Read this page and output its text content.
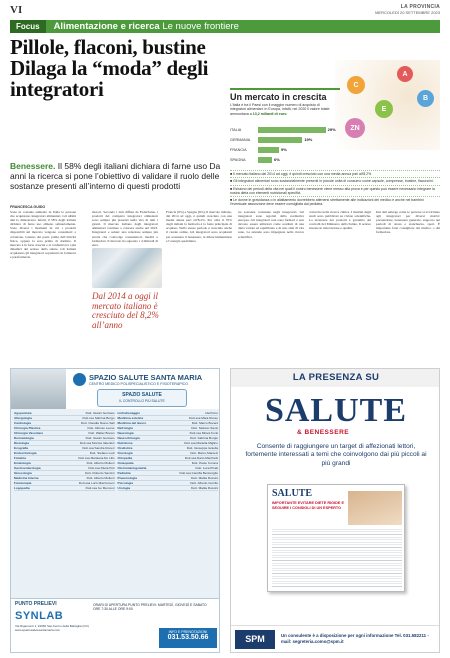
VI	LA PROVINCIA
MERCOLEDÌ 20 SETTEMBRE 2023
Focus	Alimentazione e ricerca Le nuove frontiere
Pillole, flaconi, bustine Dilaga la “moda” degli integratori

Benessere. Il 58% degli italiani dichiara di farne uso Da anni la ricerca si pone l’obiettivo di validare il ruolo delle sostanze presenti all’interno di questi prodotti

FRANCESCA GUIDO

Sono in costante aumento in Italia le persone che acquistano integratori alimentari. Gli ultimi dati lo dimostrano: infatti, il 58% degli italiani dichiara di farne uso almeno saltuariamente. Sono diversi i momenti in cui i prodotti disponibili sul mercato vengono consumati: a colazione, lontano dai pasti, prima dell’attività fisica, oppure la sera prima di dormire. Il mercato è in forte crescita e si conferma tra i più dinamici del settore della salute. Gli italiani acquistano gli integratori soprattutto in farmacia e parafarmacia.

motori. Secondo i dati diffusi da FederSalus, i prodotti del comparto integratori alimentari sono sempre più presenti nella vita di tutti i giorni. Il mercato italiano degli integratori alimentari continua a crescere anche nel 2023. Integratori e salute: una relazione sempre più stretta che coinvolge consumatori, medici e farmacisti. Il mercato ha superato i 4 miliardi di euro.

Francia (9%) e Spagna (6%). Il mercato italiano, dal 2014 ad oggi, è quindi cresciuto con una media annua pari all’8,2%. Per oltre il 70% degli italiani la farmacia è la fonte principale di acquisto. Nello stesso periodo è cresciuto anche il canale online. Gli integratori sono acquistati per sostenere il benessere, le difese immunitarie e l’energia quotidiana.

tre sostanze contenute negli integratori. Gli integratori sono regolati dalla normativa europea. Gli integratori non sono farmaci e non devono essere utilizzati come sostituti di una dieta variata ed equilibrata e di uno stile di vita sano. Le aziende sono impegnate nella ricerca scientifica.

coinvolte nella ricerca clinica. I risultati degli studi sono pubblicati su riviste scientifiche. La sicurezza dei prodotti è garantita dai controlli del Ministero della Salute. Il settore investe in innovazione e qualità.

Dai dati emerge come le persone si avvicinino agli integratori per diversi motivi: prevenzione, benessere generale, supporto nei periodi di stress e stanchezza, sport. È importante farsi consigliare dal medico o dal farmacista.

Dal 2014 a oggi il mercato italiano è cresciuto del 8,2% all’anno

A
C
B
E
ZN
Un mercato in crescita

L’Italia è tra il Paesi con il maggior numero di acquisto di integratori alimentari: in Europa, infatti, nel 2020 il valore totale ammontava a 13,2 miliardi di euro

ITALIA	29%
GERMANIA	19%
FRANCIA	9%
SPAGNA	6%

■ Il mercato italiano dal 2014 ad oggi, è quindi cresciuto con una media annua pari all’8,2%

■ Gli integratori alimentari sono sostanzialmente presenti in piccole unità di consumo come capsule, compresse, bustine, flaconcini.

■ Esistono dei periodi della vita nei quali il nostro benessere viene messo alla prova e per questo può essere necessario integrare la nostra dieta con elementi nutrizionali specifici.

■ Le donne in gravidanza o in allattamento dovrebbero attenersi strettamente alle indicazioni del medico e anche nei bambini l’eventuale assunzione deve essere consigliata dal pediatra.

SPAZIO SALUTE SANTA MARIA
CENTRO MEDICO POLISPECIALISTICO E FISIOTERAPICO
SPAZIO SALUTE
IL CONTROLLO PIÙ SALUTE
Agopuntura	Dott. Gianni Gertosio
Allergologia	Dott.ssa Sabrina Borgo
Cardiologia	Dott. Claudia Nosso Sali
Chirurgia Plastica	Dott. Alfonso Leone
Chirurgia Vascolare	Dott. Walter Bonan
Dermatologia	Dott. Gianni Gertosio
Dietologia	Dott.ssa Monica Valentini
Ecografia	Dott.ssa Sandra Roneri
Endocrinologia	Dott. Stefano Lodi
Fisiatria	Dott.ssa Mariaosa De Lillo
Ematologia	Dott. Alberto Molteni
Gastroenterologia	Dott.ssa Paola Poli
Ginecologia	Dott. Roberto Sancini
Medicina Interna	Dott. Alberto Molteni
Fisioterapia	Dott.ssa Loris Mazzemeni
Logopedia	Dott.ssa Ivo Menconi
Linfodrenaggio	Ida Porro
Medicina estetica	Dott.ssa Mara Rosso
Medicina del lavoro	Dott. Marco Bocani
Nefrologia	Dott. Stefano Sansi
Neurologia	Dott.ssa Mirani Fonti
Neurochirurgia	Dott. Sabrina Borgio
Nutrizione	Dott.ssa Mariella Miglino
Oculistica	Dott. Giuseppe Ianiella
Oncologia	Dott. Marco Mantezi
Ortopedia	Dott.ssa Dario Marchetti
Osteopatia	Dott. Paolo Corona
Otorinolaringoiatria	Dott. Luca Pisati
Pediatria	Dott.ssa Camilla Bentivoglio
Pneumologia	Dott. Mattia Rossini
Psicologia	Dott. Alfredo Cerrillo
Urologia	Dott. Mattia Rossini
PUNTO PRELIEVI
SYNLAB
Via Rigamonti 1, 22060 San Fermo della Battaglia (CO) www.spaziosalutesantamaria.com
ORARI DI APERTURA PUNTO PRELIEVI: MARTEDÌ, GIOVEDÌ E SABATO ORE 7:30 ALLE ORE 9:00
INFO E PRENOTAZIONI
031.53.50.66
LA PRESENZA SU
SALUTE
& BENESSERE

Consente di raggiungere un target di affezionati lettori, fortemente interessati a temi che coinvolgono dai più piccoli ai più grandi

SALUTE
IMPORTANTE EVITARE DIETE RIGIDE E SEGUIRE I CONSIGLI DI UN ESPERTO
SPM	Un consulente è a disposizione per ogni informazione Tel. 031.582211 - mail: segreteria.como@spm.it
